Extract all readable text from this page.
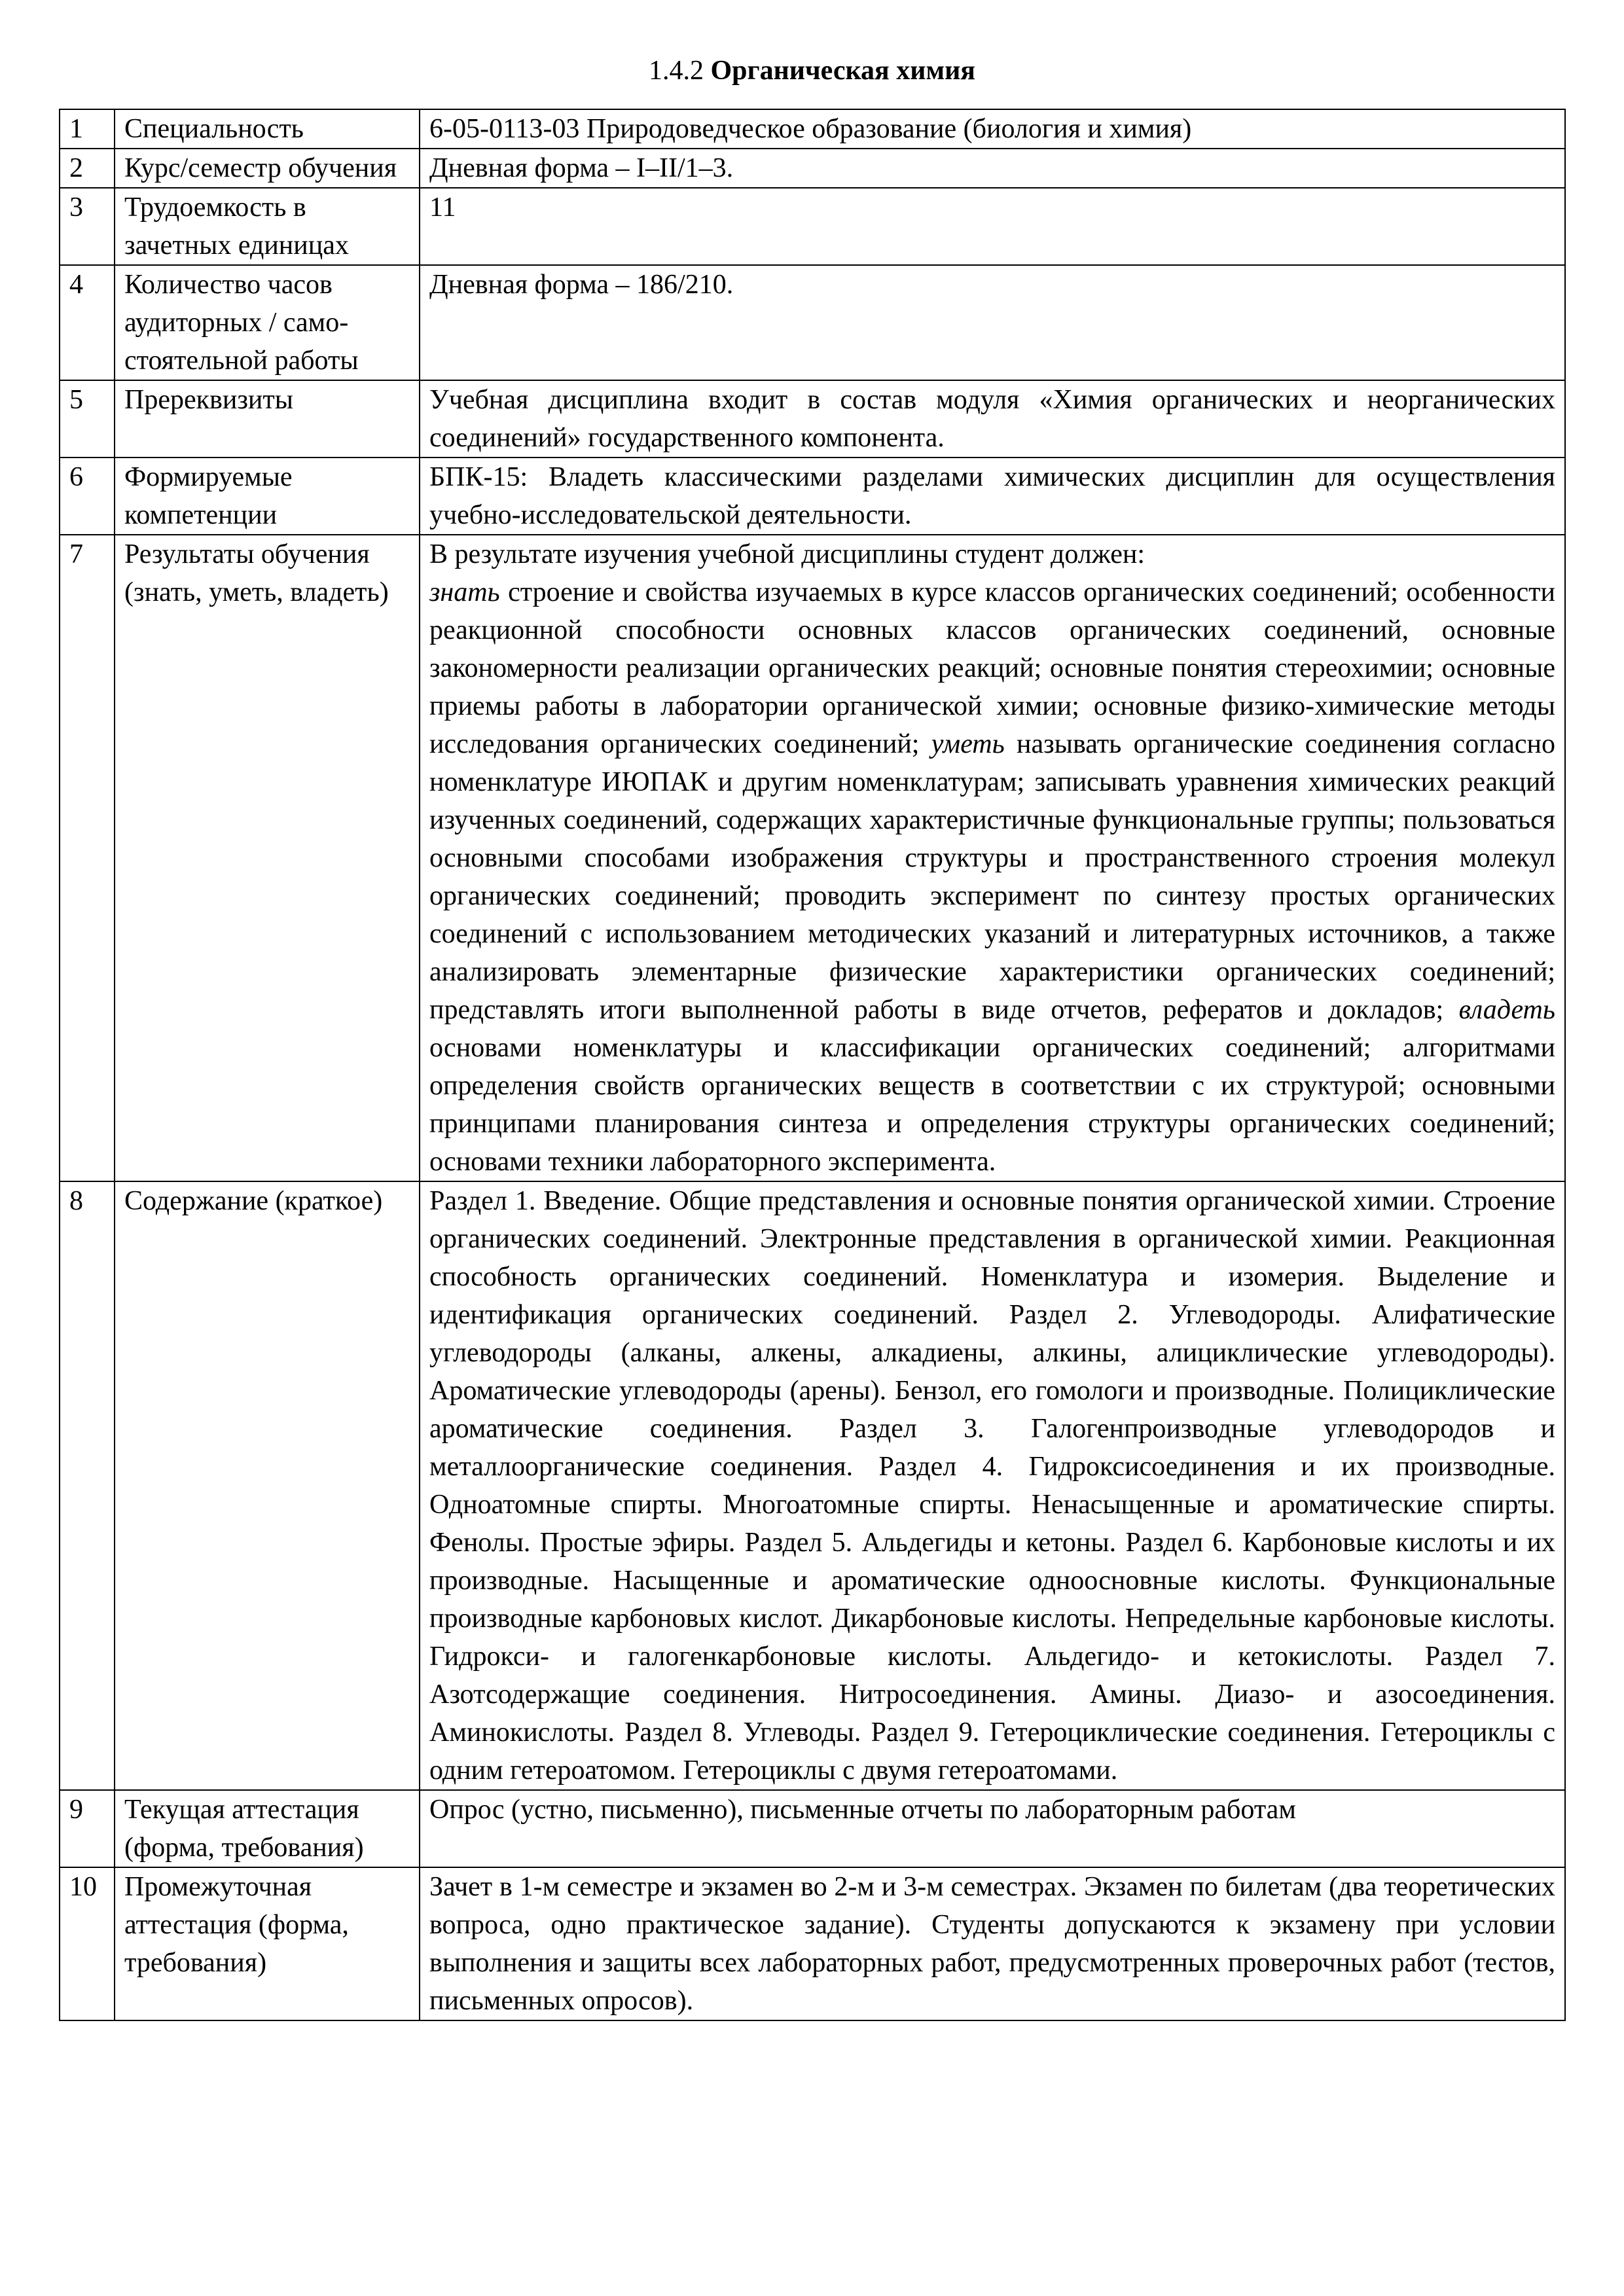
1.4.2 Органическая химия
1	Специальность	6-05-0113-03 Природоведческое образование (биология и химия)
2	Курс/семестр обучения	Дневная форма – I–II/1–3.
3	Трудоемкость в зачетных единицах	11
4	Количество часов аудиторных / само-стоятельной работы	Дневная форма – 186/210.
5	Пререквизиты	Учебная дисциплина входит в состав модуля «Химия органических и неорганических соединений» государственного компонента.
6	Формируемые компетенции	БПК-15: Владеть классическими разделами химических дисциплин для осуществления учебно-исследовательской деятельности.
7	Результаты обучения (знать, уметь, владеть)	В результате изучения учебной дисциплины студент должен:
знать строение и свойства изучаемых в курсе классов органических соединений; особенности реакционной способности основных классов органических соединений, основные закономерности реализации органических реакций; основные понятия стереохимии; основные приемы работы в лаборатории органической химии; основные физико-химические методы исследования органических соединений; уметь называть органические соединения согласно номенклатуре ИЮПАК и другим номенклатурам; записывать уравнения химических реакций изученных соединений, содержащих характеристичные функциональные группы; пользоваться основными способами изображения структуры и пространственного строения молекул органических соединений; проводить эксперимент по синтезу простых органических соединений с использованием методических указаний и литературных источников, а также анализировать элементарные физические характеристики органических соединений; представлять итоги выполненной работы в виде отчетов, рефератов и докладов; владеть основами номенклатуры и классификации органических соединений; алгоритмами определения свойств органических веществ в соответствии с их структурой; основными принципами планирования синтеза и определения структуры органических соединений; основами техники лабораторного эксперимента.
8	Содержание (краткое)	Раздел 1. Введение. Общие представления и основные понятия органической химии. Строение органических соединений. Электронные представления в органической химии. Реакционная способность органических соединений. Номенклатура и изомерия. Выделение и идентификация органических соединений. Раздел 2. Углеводороды. Алифатические углеводороды (алканы, алкены, алкадиены, алкины, алициклические углеводороды). Ароматические углеводороды (арены). Бензол, его гомологи и производные. Полициклические ароматические соединения. Раздел 3. Галогенпроизводные углеводородов и металлоорганические соединения. Раздел 4. Гидроксисоединения и их производные. Одноатомные спирты. Многоатомные спирты. Ненасыщенные и ароматические спирты. Фенолы. Простые эфиры. Раздел 5. Альдегиды и кетоны. Раздел 6. Карбоновые кислоты и их производные. Насыщенные и ароматические одноосновные кислоты. Функциональные производные карбоновых кислот. Дикарбоновые кислоты. Непредельные карбоновые кислоты. Гидрокси- и галогенкарбоновые кислоты. Альдегидо- и кетокислоты. Раздел 7. Азотсодержащие соединения. Нитросоединения. Амины. Диазо- и азосоединения. Аминокислоты. Раздел 8. Углеводы. Раздел 9. Гетероциклические соединения. Гетероциклы с одним гетероатомом. Гетероциклы с двумя гетероатомами.
9	Текущая аттестация (форма, требования)	Опрос (устно, письменно), письменные отчеты по лабораторным работам
10	Промежуточная аттестация (форма, требования)	Зачет в 1-м семестре и экзамен во 2-м и 3-м семестрах. Экзамен по билетам (два теоретических вопроса, одно практическое задание). Студенты допускаются к экзамену при условии выполнения и защиты всех лабораторных работ, предусмотренных проверочных работ (тестов, письменных опросов).
